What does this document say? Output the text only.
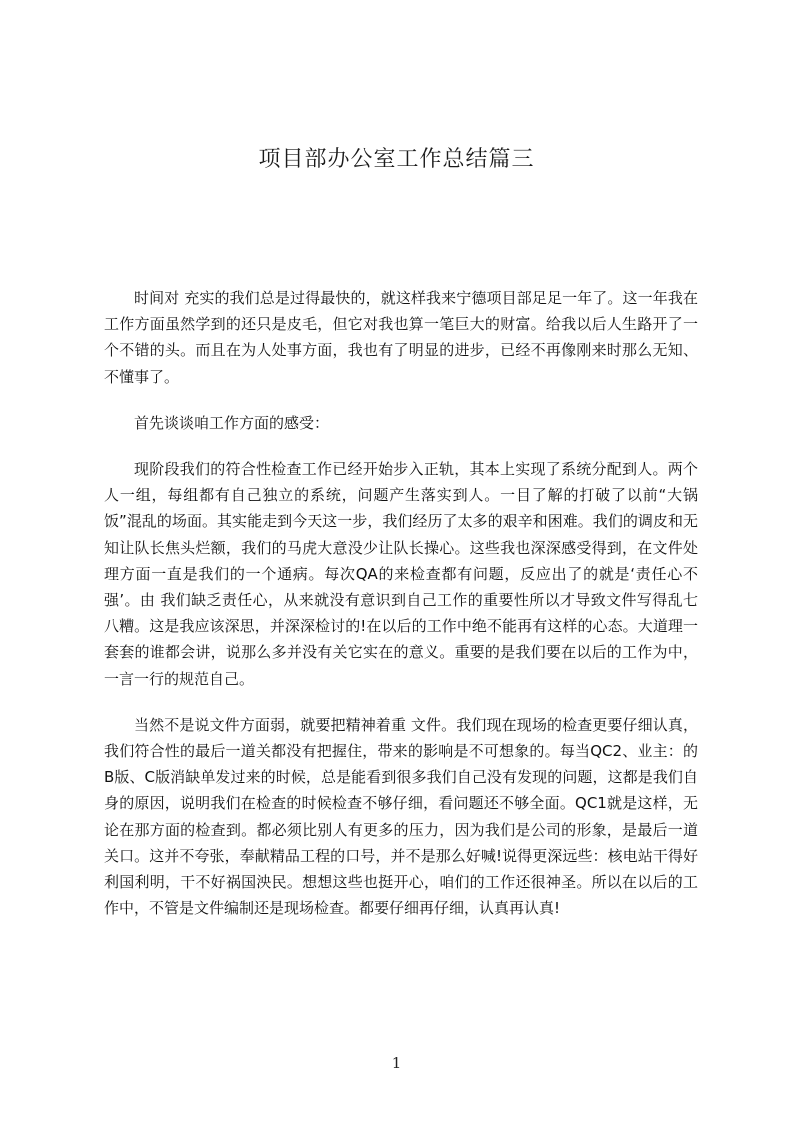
项目部办公室工作总结篇三

时间对 充实的我们总是过得最快的，就这样我来宁德项目部足足一年了。这一年我在工作方面虽然学到的还只是皮毛，但它对我也算一笔巨大的财富。给我以后人生路开了一个不错的头。而且在为人处事方面，我也有了明显的进步，已经不再像刚来时那么无知、不懂事了。

首先谈谈咱工作方面的感受：

现阶段我们的符合性检查工作已经开始步入正轨，其本上实现了系统分配到人。两个人一组，每组都有自己独立的系统，问题产生落实到人。一目了解的打破了以前“大锅饭”混乱的场面。其实能走到今天这一步，我们经历了太多的艰辛和困难。我们的调皮和无知让队长焦头烂额，我们的马虎大意没少让队长操心。这些我也深深感受得到，在文件处理方面一直是我们的一个通病。每次QA的来检查都有问题，反应出了的就是‘责任心不强’。由 我们缺乏责任心，从来就没有意识到自己工作的重要性所以才导致文件写得乱七八糟。这是我应该深思，并深深检讨的!在以后的工作中绝不能再有这样的心态。大道理一套套的谁都会讲，说那么多并没有关它实在的意义。重要的是我们要在以后的工作为中，一言一行的规范自己。

当然不是说文件方面弱，就要把精神着重 文件。我们现在现场的检查更要仔细认真，我们符合性的最后一道关都没有把握住，带来的影响是不可想象的。每当QC2、业主：的B版、C版消缺单发过来的时候，总是能看到很多我们自己没有发现的问题，这都是我们自身的原因，说明我们在检查的时候检查不够仔细，看问题还不够全面。QC1就是这样，无论在那方面的检查到。都必须比别人有更多的压力，因为我们是公司的形象，是最后一道关口。这并不夸张，奉献精品工程的口号，并不是那么好喊!说得更深远些：核电站干得好利国利明，干不好祸国泱民。想想这些也挺开心，咱们的工作还很神圣。所以在以后的工作中，不管是文件编制还是现场检查。都要仔细再仔细，认真再认真!

1
